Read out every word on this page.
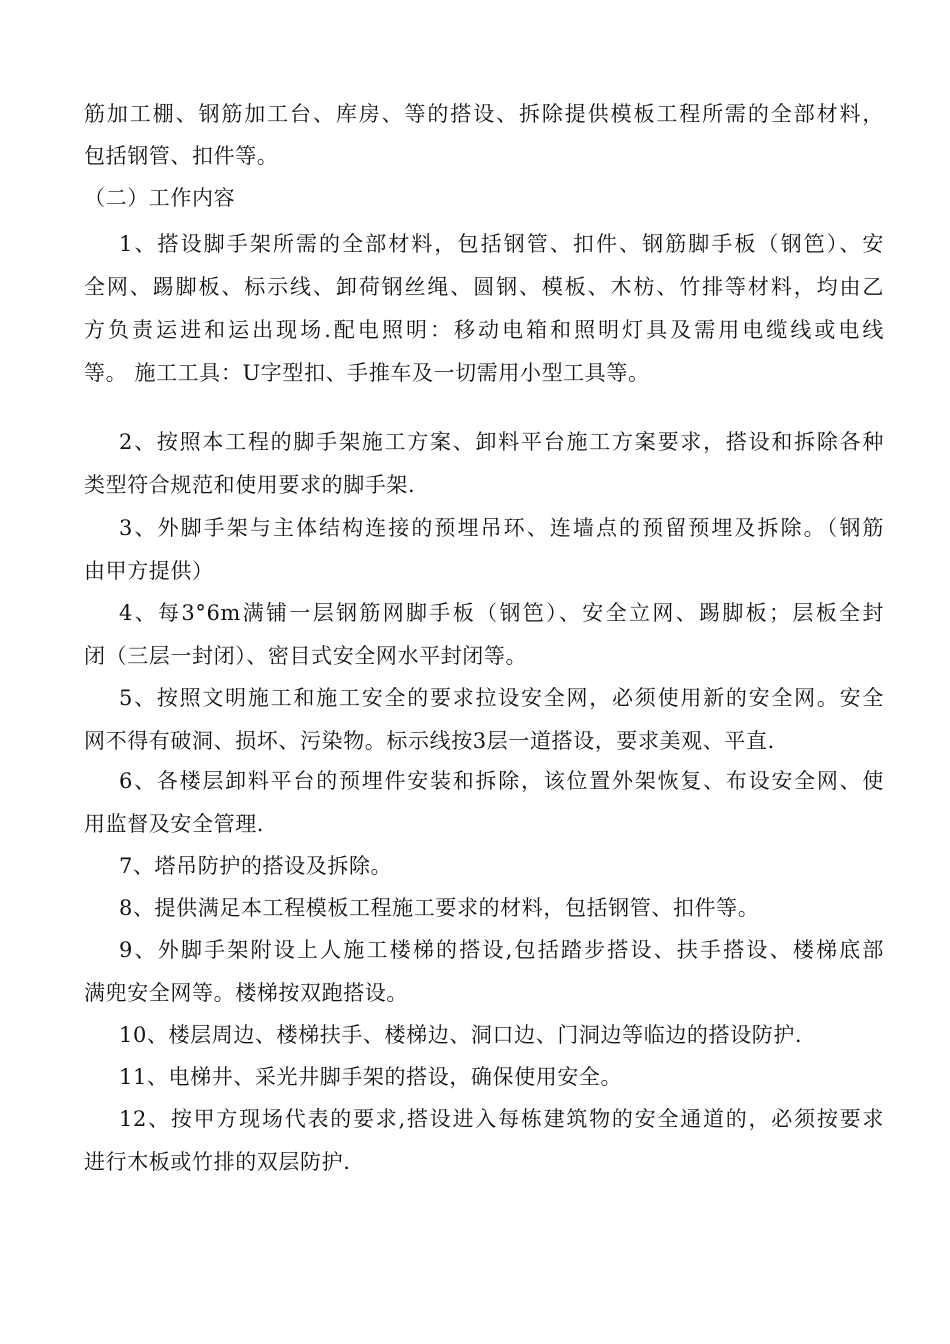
筋加工棚、钢筋加工台、库房、等的搭设、拆除提供模板工程所需的全部材料，
包括钢管、扣件等。
（二）工作内容
1、搭设脚手架所需的全部材料，包括钢管、扣件、钢筋脚手板（钢笆）、安
全网、踢脚板、标示线、卸荷钢丝绳、圆钢、模板、木枋、竹排等材料，均由乙
方负责运进和运出现场.配电照明：移动电箱和照明灯具及需用电缆线或电线
等。 施工工具：U字型扣、手推车及一切需用小型工具等。
2、按照本工程的脚手架施工方案、卸料平台施工方案要求，搭设和拆除各种
类型符合规范和使用要求的脚手架.
3、外脚手架与主体结构连接的预埋吊环、连墙点的预留预埋及拆除。（钢筋
由甲方提供）
4、每3°6m满铺一层钢筋网脚手板（钢笆）、安全立网、踢脚板；层板全封
闭（三层一封闭）、密目式安全网水平封闭等。
5、按照文明施工和施工安全的要求拉设安全网，必须使用新的安全网。安全
网不得有破洞、损坏、污染物。标示线按3层一道搭设，要求美观、平直.
6、各楼层卸料平台的预埋件安装和拆除，该位置外架恢复、布设安全网、使
用监督及安全管理.
7、塔吊防护的搭设及拆除。
8、提供满足本工程模板工程施工要求的材料，包括钢管、扣件等。
9、外脚手架附设上人施工楼梯的搭设,包括踏步搭设、扶手搭设、楼梯底部
满兜安全网等。楼梯按双跑搭设。
10、楼层周边、楼梯扶手、楼梯边、洞口边、门洞边等临边的搭设防护.
11、电梯井、采光井脚手架的搭设，确保使用安全。
12、按甲方现场代表的要求,搭设进入每栋建筑物的安全通道的，必须按要求
进行木板或竹排的双层防护.
